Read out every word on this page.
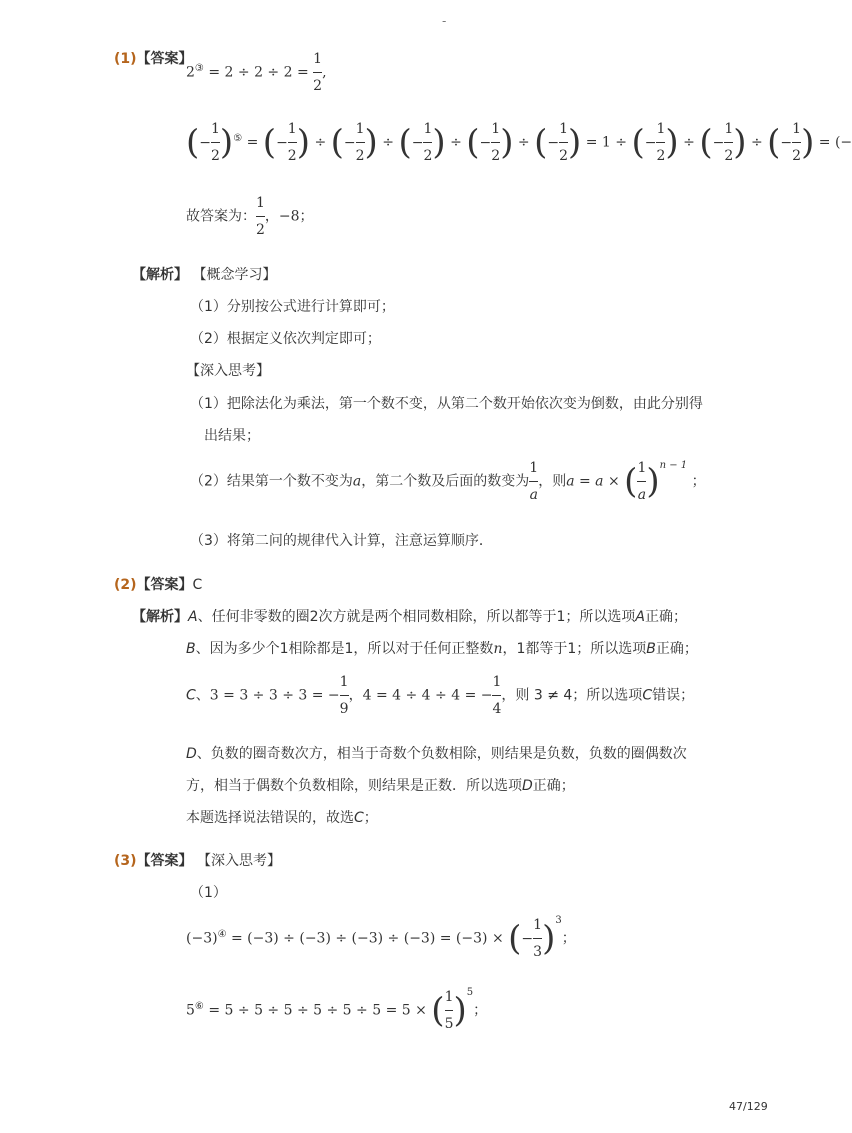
-
47/129
(1)【答案】
$2^③ = 2 \div 2 \div 2 = \frac{1}{2}$ ,
(− $\frac{1}{2} )^⑤$ = (− $\frac{1}{2}$ ) ÷ (− $\frac{1}{2}$ ) ÷ (− $\frac{1}{2}$ ) ÷ (− $\frac{1}{2}$ ) ÷ (− $\frac{1}{2}$ ) = 1 ÷ (− $\frac{1}{2}$ ) ÷ (− $\frac{1}{2}$ ) ÷ (− $\frac{1}{2}$ ) = (−
故答案为： $\frac{1}{2}$ ，−8；
【解析】 【概念学习】
（1）分别按公式进行计算即可；
（2）根据定义依次判定即可；
【深入思考】
（1）把除法化为乘法，第一个数不变，从第二个数开始依次变为倒数，由此分别得
出结果；
（2）结果第一个数不变为a，第二个数及后面的数变为 $\frac{1}{a}$ ，则a = a × ( $\frac{1}{a} )^{n - 1}$ ；
（3）将第二问的规律代入计算，注意运算顺序．
(2)【答案】C
【解析】A、任何非零数的圈2次方就是两个相同数相除，所以都等于1；所以选项A正确；
B、因为多少个1相除都是1，所以对于任何正整数n，1都等于1；所以选项B正确；
C、3 = 3 ÷ 3 ÷ 3 = − $\frac{1}{9}$ ，4 = 4 ÷ 4 ÷ 4 = − $\frac{1}{4}$ ，则 3 ≠ 4；所以选项C错误；
D、负数的圈奇数次方，相当于奇数个负数相除，则结果是负数，负数的圈偶数次
方，相当于偶数个负数相除，则结果是正数．所以选项D正确；
本题选择说法错误的，故选C；
(3)【答案】 【深入思考】
（1）
(−3)④ = (−3) ÷ (−3) ÷ (−3) ÷ (−3) = (−3) × (− $\frac{1}{3} )^3$；
5⑥ = 5 ÷ 5 ÷ 5 ÷ 5 ÷ 5 ÷ 5 = 5 × ( $\frac{1}{5} )^5$；
